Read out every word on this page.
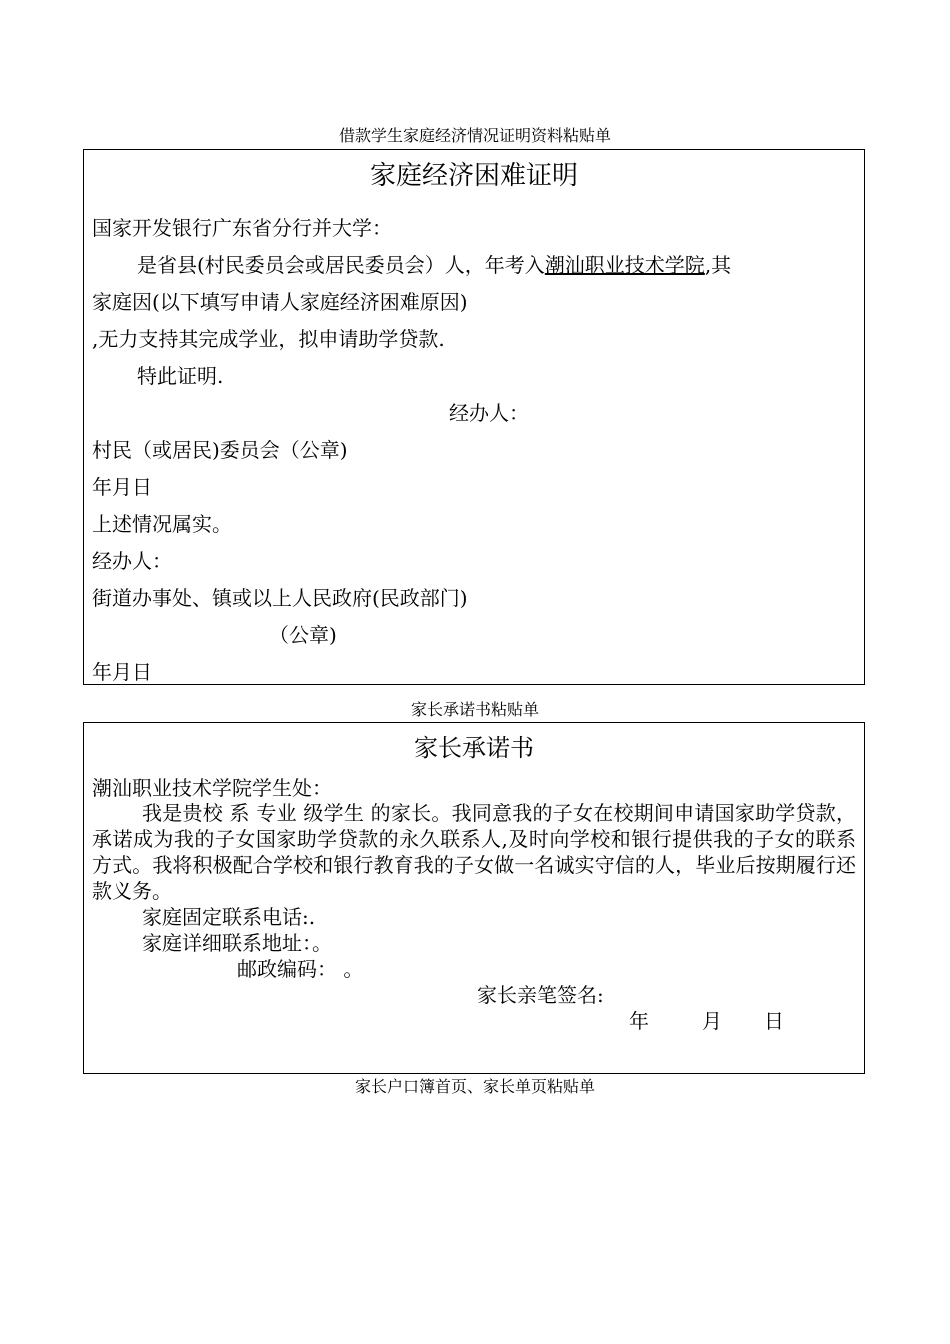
借款学生家庭经济情况证明资料粘贴单
家庭经济困难证明
国家开发银行广东省分行并大学：
是省县(村民委员会或居民委员会）人，年考入潮汕职业技术学院,其
家庭因(以下填写申请人家庭经济困难原因)
,无力支持其完成学业，拟申请助学贷款.
特此证明.
经办人：
村民（或居民)委员会（公章)
年月日
上述情况属实。
经办人：
街道办事处、镇或以上人民政府(民政部门)
（公章)
年月日
家长承诺书粘贴单
家长承诺书
潮汕职业技术学院学生处：
我是贵校 系 专业 级学生 的家长。我同意我的子女在校期间申请国家助学贷款，承诺成为我的子女国家助学贷款的永久联系人,及时向学校和银行提供我的子女的联系方式。我将积极配合学校和银行教育我的子女做一名诚实守信的人，毕业后按期履行还款义务。
家庭固定联系电话:.
家庭详细联系地址：。
邮政编码： 。
家长亲笔签名:
年	月 日
家长户口簿首页、家长单页粘贴单
